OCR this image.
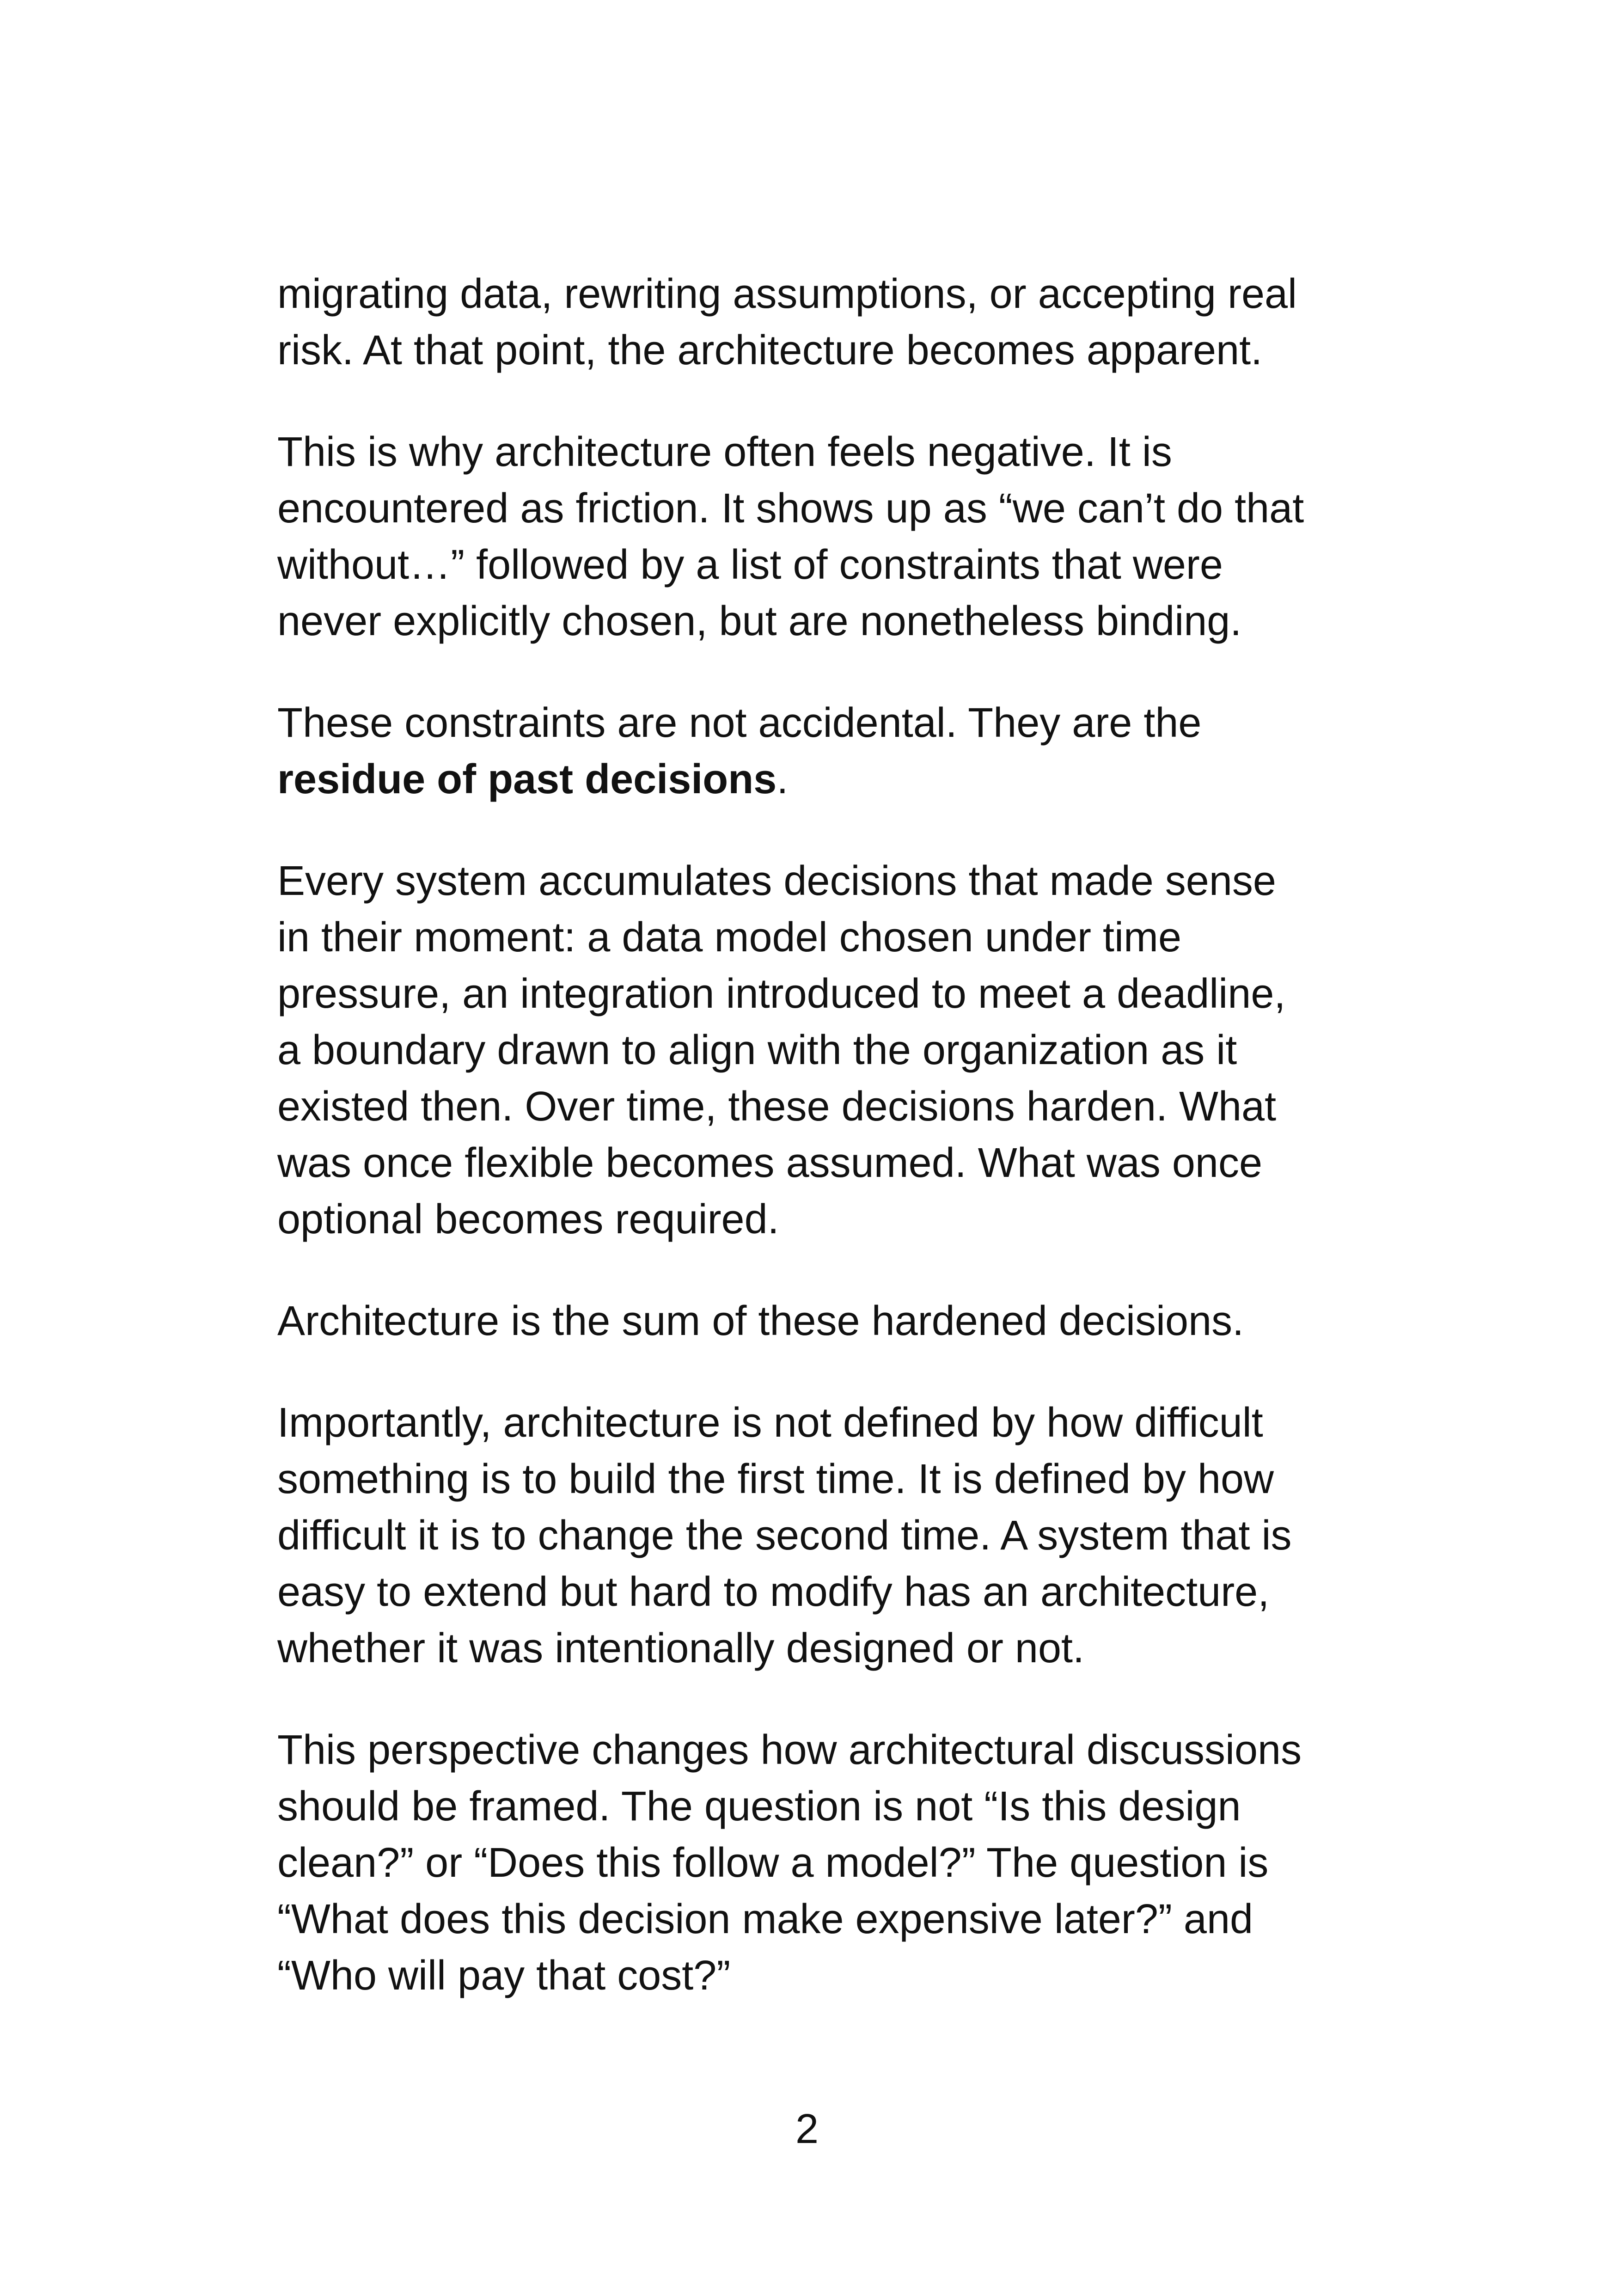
migrating data, rewriting assumptions, or accepting real
risk. At that point, the architecture becomes apparent.

This is why architecture often feels negative. It is
encountered as friction. It shows up as “we can’t do that
without…” followed by a list of constraints that were
never explicitly chosen, but are nonetheless binding.

These constraints are not accidental. They are the
residue of past decisions.

Every system accumulates decisions that made sense
in their moment: a data model chosen under time
pressure, an integration introduced to meet a deadline,
a boundary drawn to align with the organization as it
existed then. Over time, these decisions harden. What
was once flexible becomes assumed. What was once
optional becomes required.

Architecture is the sum of these hardened decisions.

Importantly, architecture is not defined by how difficult
something is to build the first time. It is defined by how
difficult it is to change the second time. A system that is
easy to extend but hard to modify has an architecture,
whether it was intentionally designed or not.

This perspective changes how architectural discussions
should be framed. The question is not “Is this design
clean?” or “Does this follow a model?” The question is
“What does this decision make expensive later?” and
“Who will pay that cost?”

2
